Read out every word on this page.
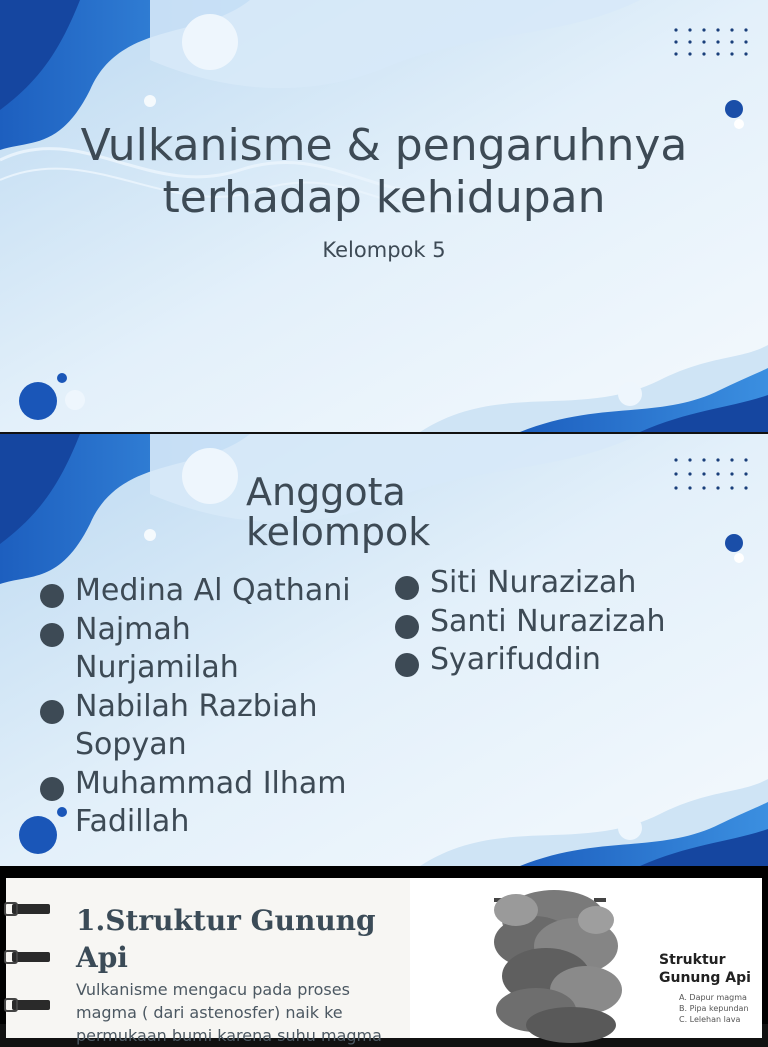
Vulkanisme & pengaruhnya
terhadap kehidupan
Kelompok 5
Anggota
kelompok
Medina Al Qathani
Najmah
Nurjamilah
Nabilah Razbiah
Sopyan
Muhammad Ilham
Fadillah
Siti Nurazizah
Santi Nurazizah
Syarifuddin
1.Struktur Gunung
Api
Vulkanisme mengacu pada proses magma ( dari astenosfer) naik ke permukaan bumi karena suhu magma
Struktur
Gunung Api
A. Dapur magma
B. Pipa kepundan
C. Lelehan lava
